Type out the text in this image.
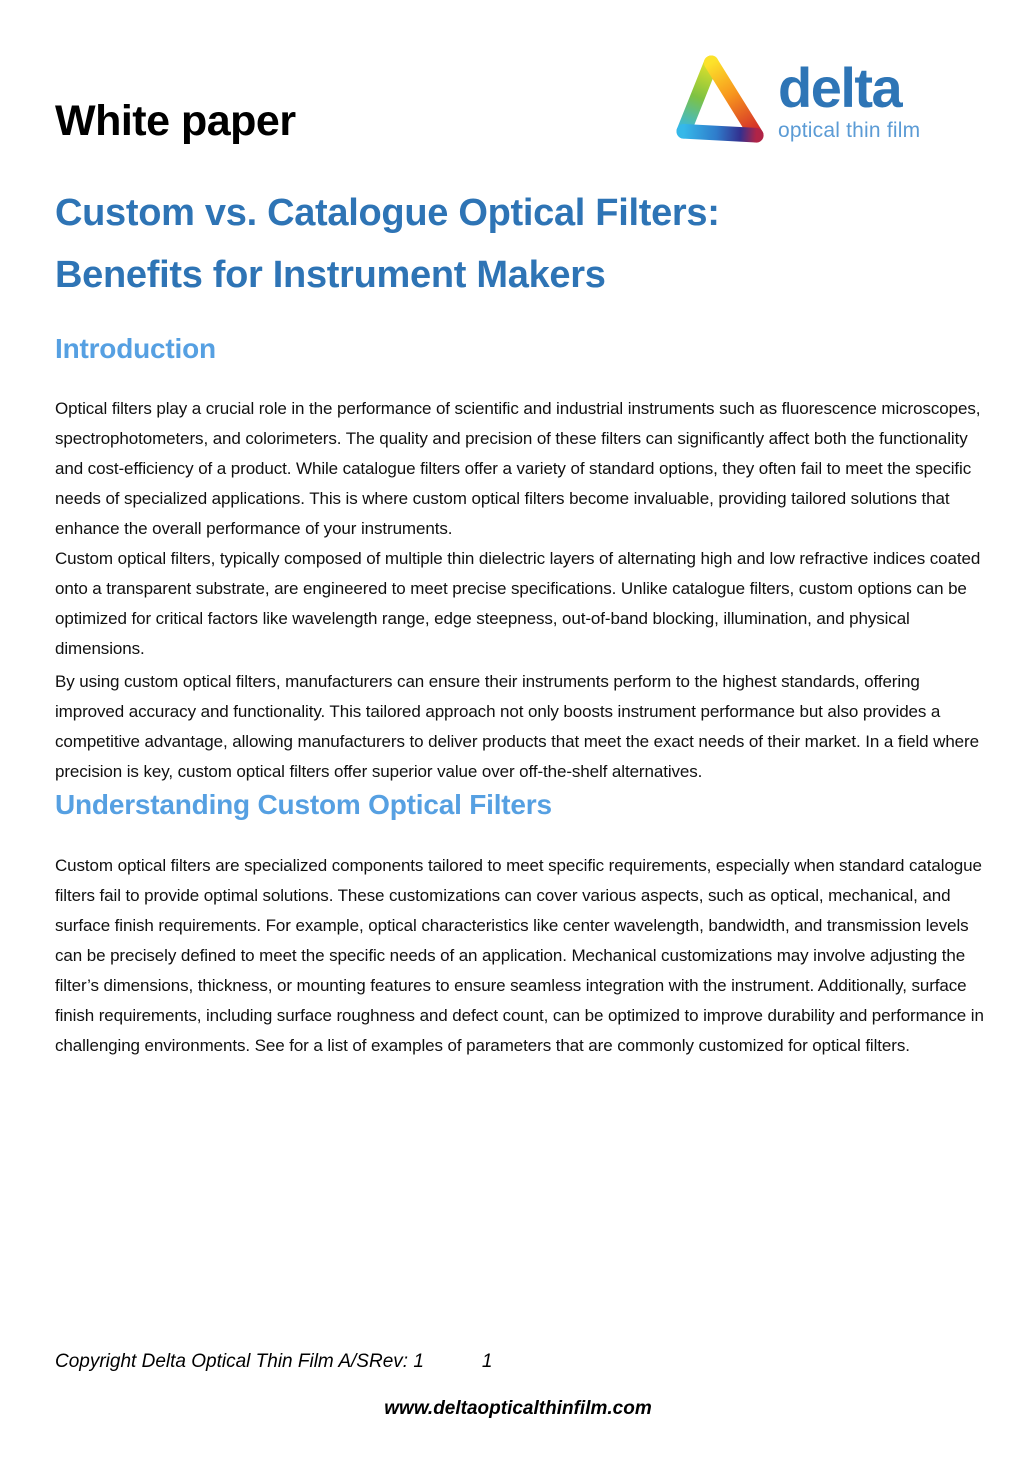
White paper
delta
optical thin film
Custom vs. Catalogue Optical Filters:
Benefits for Instrument Makers
Introduction
Optical filters play a crucial role in the performance of scientific and industrial instruments such as fluorescence microscopes, spectrophotometers, and colorimeters. The quality and precision of these filters can significantly affect both the functionality and cost-efficiency of a product. While catalogue filters offer a variety of standard options, they often fail to meet the specific needs of specialized applications. This is where custom optical filters become invaluable, providing tailored solutions that enhance the overall performance of your instruments.
Custom optical filters, typically composed of multiple thin dielectric layers of alternating high and low refractive indices coated onto a transparent substrate, are engineered to meet precise specifications. Unlike catalogue filters, custom options can be optimized for critical factors like wavelength range, edge steepness, out-of-band blocking, illumination, and physical dimensions.
By using custom optical filters, manufacturers can ensure their instruments perform to the highest standards, offering improved accuracy and functionality. This tailored approach not only boosts instrument performance but also provides a competitive advantage, allowing manufacturers to deliver products that meet the exact needs of their market. In a field where precision is key, custom optical filters offer superior value over off-the-shelf alternatives.
Understanding Custom Optical Filters
Custom optical filters are specialized components tailored to meet specific requirements, especially when standard catalogue filters fail to provide optimal solutions. These customizations can cover various aspects, such as optical, mechanical, and surface finish requirements. For example, optical characteristics like center wavelength, bandwidth, and transmission levels can be precisely defined to meet the specific needs of an application. Mechanical customizations may involve adjusting the filter’s dimensions, thickness, or mounting features to ensure seamless integration with the instrument. Additionally, surface finish requirements, including surface roughness and defect count, can be optimized to improve durability and performance in challenging environments. See for a list of examples of parameters that are commonly customized for optical filters.
Copyright Delta Optical Thin Film A/SRev: 1	1
www.deltaopticalthinfilm.com
